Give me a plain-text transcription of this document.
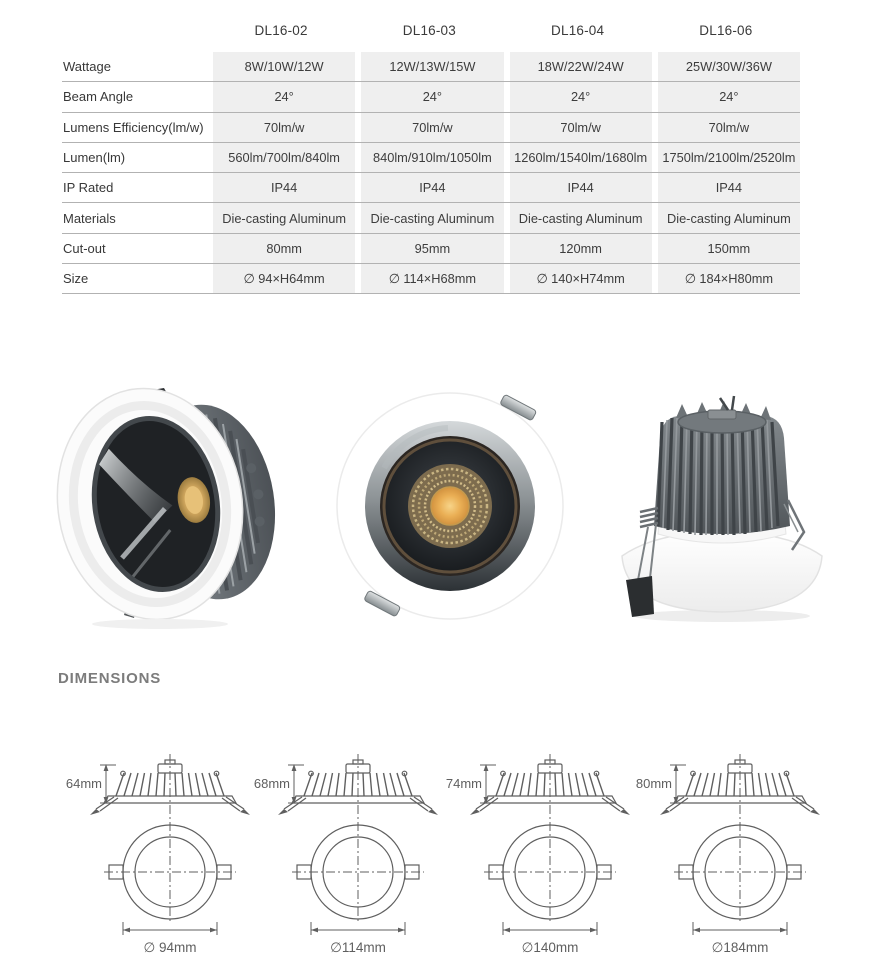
DL16-02	DL16-03	DL16-04	DL16-06
Wattage	8W/10W/12W	12W/13W/15W	18W/22W/24W	25W/30W/36W
Beam Angle	24°	24°	24°	24°
Lumens Efficiency(lm/w)	70lm/w	70lm/w	70lm/w	70lm/w
Lumen(lm)	560lm/700lm/840lm	840lm/910lm/1050lm	1260lm/1540lm/1680lm	1750lm/2100lm/2520lm
IP Rated	IP44	IP44	IP44	IP44
Materials	Die-casting Aluminum	Die-casting Aluminum	Die-casting Aluminum	Die-casting Aluminum
Cut-out	80mm	95mm	120mm	150mm
Size	∅ 94×H64mm	∅ 114×H68mm	∅ 140×H74mm	∅ 184×H80mm
DIMENSIONS
64mm
∅ 94mm
68mm
∅114mm
74mm
∅140mm
80mm
∅184mm
